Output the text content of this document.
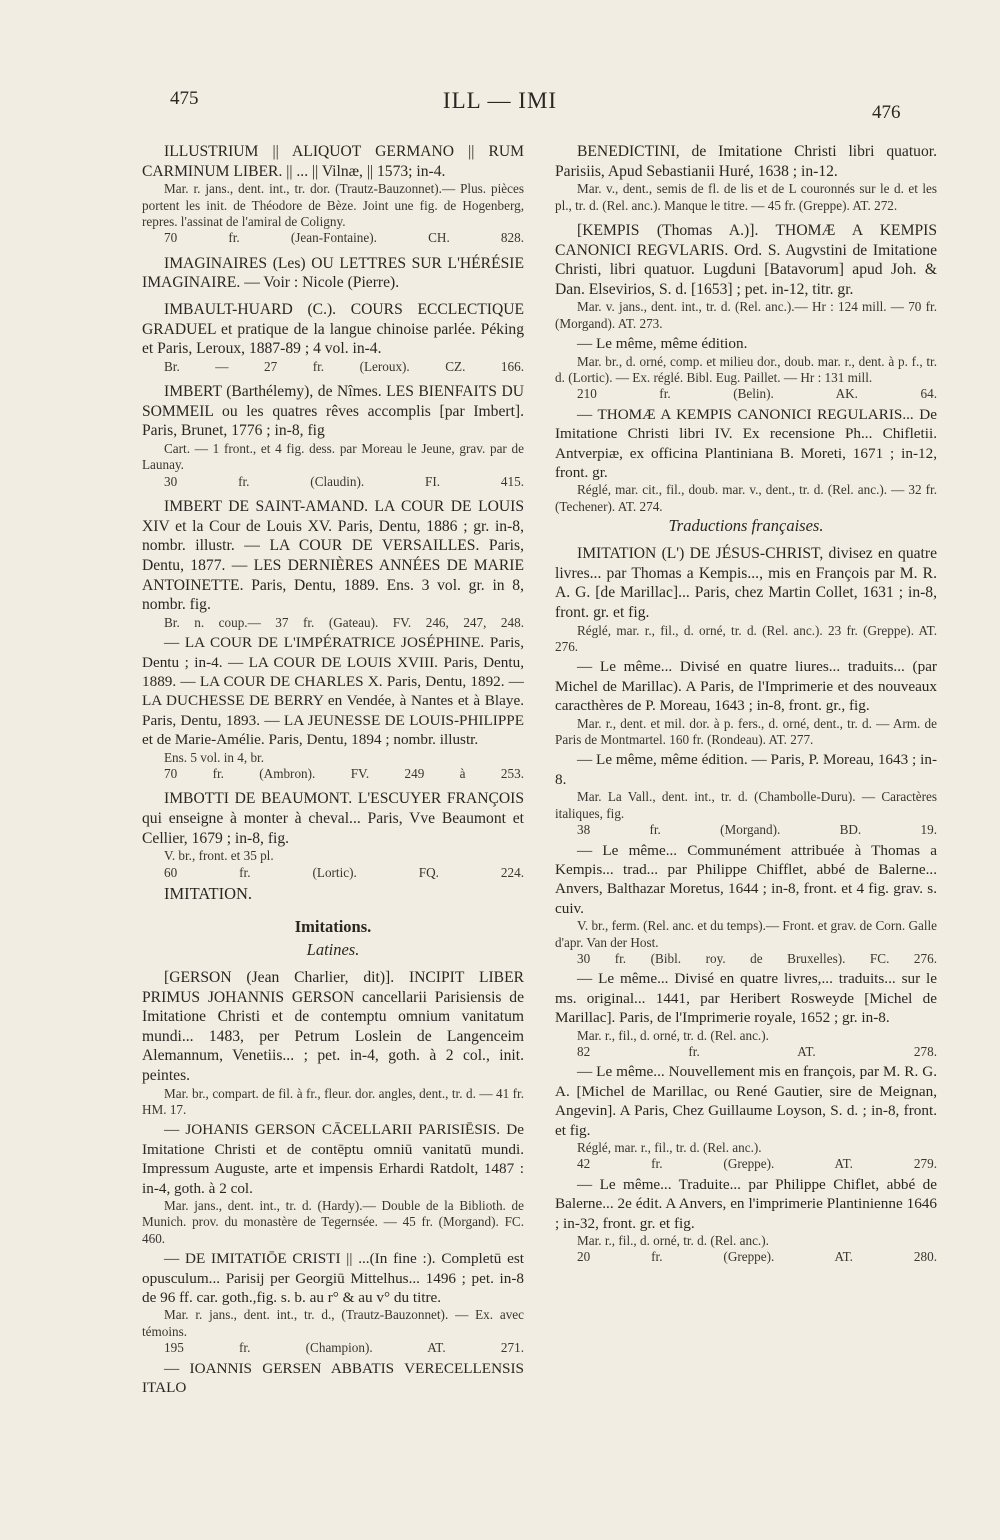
475	ILL — IMI	476

ILLUSTRIUM || ALIQUOT GERMANO || RUM CARMINUM LIBER. || ... || Vilnæ, || 1573; in-4.

Mar. r. jans., dent. int., tr. dor. (Trautz-Bauzonnet).— Plus. pièces portent les init. de Théodore de Bèze. Joint une fig. de Hogenberg, repres. l'assinat de l'amiral de Coligny.

70 fr. (Jean-Fontaine). CH. 828.

IMAGINAIRES (Les) OU LETTRES SUR L'HÉRÉSIE IMAGINAIRE. — Voir : Nicole (Pierre).

IMBAULT-HUARD (C.). COURS ECCLECTIQUE GRADUEL et pratique de la langue chinoise parlée. Péking et Paris, Leroux, 1887-89 ; 4 vol. in-4.

Br. — 27 fr. (Leroux). CZ. 166.

IMBERT (Barthélemy), de Nîmes. LES BIENFAITS DU SOMMEIL ou les quatres rêves accomplis [par Imbert]. Paris, Brunet, 1776 ; in-8, fig

Cart. — 1 front., et 4 fig. dess. par Moreau le Jeune, grav. par de Launay.

30 fr. (Claudin). FI. 415.

IMBERT DE SAINT-AMAND. LA COUR DE LOUIS XIV et la Cour de Louis XV. Paris, Dentu, 1886 ; gr. in-8, nombr. illustr. — LA COUR DE VERSAILLES. Paris, Dentu, 1877. — LES DERNIÈRES ANNÉES DE MARIE ANTOINETTE. Paris, Dentu, 1889. Ens. 3 vol. gr. in 8, nombr. fig.

Br. n. coup.— 37 fr. (Gateau). FV. 246, 247, 248.

— LA COUR DE L'IMPÉRATRICE JOSÉPHINE. Paris, Dentu ; in-4. — LA COUR DE LOUIS XVIII. Paris, Dentu, 1889. — LA COUR DE CHARLES X. Paris, Dentu, 1892. — LA DUCHESSE DE BERRY en Vendée, à Nantes et à Blaye. Paris, Dentu, 1893. — LA JEUNESSE DE LOUIS-PHILIPPE et de Marie-Amélie. Paris, Dentu, 1894 ; nombr. illustr.

Ens. 5 vol. in 4, br.

70 fr. (Ambron). FV. 249 à 253.

IMBOTTI DE BEAUMONT. L'ESCUYER FRANÇOIS qui enseigne à monter à cheval... Paris, Vve Beaumont et Cellier, 1679 ; in-8, fig.

V. br., front. et 35 pl.

60 fr. (Lortic). FQ. 224.

IMITATION.

Imitations.

Latines.

[GERSON (Jean Charlier, dit)]. INCIPIT LIBER PRIMUS JOHANNIS GERSON cancellarii Parisiensis de Imitatione Christi et de contemptu omnium vanitatum mundi... 1483, per Petrum Loslein de Langenceim Alemannum, Venetiis... ; pet. in-4, goth. à 2 col., init. peintes.

Mar. br., compart. de fil. à fr., fleur. dor. angles, dent., tr. d. — 41 fr. HM. 17.

— JOHANIS GERSON CĀCELLARII PARISIĒSIS. De Imitatione Christi et de contēptu omniū vanitatū mundi. Impressum Auguste, arte et impensis Erhardi Ratdolt, 1487 : in-4, goth. à 2 col.

Mar. jans., dent. int., tr. d. (Hardy).— Double de la Biblioth. de Munich. prov. du monastère de Tegernsée. — 45 fr. (Morgand). FC. 460.

— DE IMITATIŌE CRISTI || ...(In fine :). Completū est opusculum... Parisij per Georgiū Mittelhus... 1496 ; pet. in-8 de 96 ff. car. goth.,fig. s. b. au r° & au v° du titre.

Mar. r. jans., dent. int., tr. d., (Trautz-Bauzonnet). — Ex. avec témoins.

195 fr. (Champion). AT. 271.

— IOANNIS GERSEN ABBATIS VERECELLENSIS ITALO

BENEDICTINI, de Imitatione Christi libri quatuor. Parisiis, Apud Sebastianii Huré, 1638 ; in-12.

Mar. v., dent., semis de fl. de lis et de L couronnés sur le d. et les pl., tr. d. (Rel. anc.). Manque le titre. — 45 fr. (Greppe). AT. 272.

[KEMPIS (Thomas A.)]. THOMÆ A KEMPIS CANONICI REGVLARIS. Ord. S. Augvstini de Imitatione Christi, libri quatuor. Lugduni [Batavorum] apud Joh. & Dan. Elsevirios, S. d. [1653] ; pet. in-12, titr. gr.

Mar. v. jans., dent. int., tr. d. (Rel. anc.).— Hr : 124 mill. — 70 fr. (Morgand). AT. 273.

— Le même, même édition.

Mar. br., d. orné, comp. et milieu dor., doub. mar. r., dent. à p. f., tr. d. (Lortic). — Ex. réglé. Bibl. Eug. Paillet. — Hr : 131 mill.

210 fr. (Belin). AK. 64.

— THOMÆ A KEMPIS CANONICI REGULARIS... De Imitatione Christi libri IV. Ex recensione Ph... Chifletii. Antverpiæ, ex officina Plantiniana B. Moreti, 1671 ; in-12, front. gr.

Réglé, mar. cit., fil., doub. mar. v., dent., tr. d. (Rel. anc.). — 32 fr. (Techener). AT. 274.

Traductions françaises.

IMITATION (L') DE JÉSUS-CHRIST, divisez en quatre livres... par Thomas a Kempis..., mis en François par M. R. A. G. [de Marillac]... Paris, chez Martin Collet, 1631 ; in-8, front. gr. et fig.

Réglé, mar. r., fil., d. orné, tr. d. (Rel. anc.). 23 fr. (Greppe). AT. 276.

— Le même... Divisé en quatre liures... traduits... (par Michel de Marillac). A Paris, de l'Imprimerie et des nouveaux caracthères de P. Moreau, 1643 ; in-8, front. gr., fig.

Mar. r., dent. et mil. dor. à p. fers., d. orné, dent., tr. d. — Arm. de Paris de Montmartel. 160 fr. (Rondeau). AT. 277.

— Le même, même édition. — Paris, P. Moreau, 1643 ; in-8.

Mar. La Vall., dent. int., tr. d. (Chambolle-Duru). — Caractères italiques, fig.

38 fr. (Morgand). BD. 19.

— Le même... Communément attribuée à Thomas a Kempis... trad... par Philippe Chifflet, abbé de Balerne... Anvers, Balthazar Moretus, 1644 ; in-8, front. et 4 fig. grav. s. cuiv.

V. br., ferm. (Rel. anc. et du temps).— Front. et grav. de Corn. Galle d'apr. Van der Host.

30 fr. (Bibl. roy. de Bruxelles). FC. 276.

— Le même... Divisé en quatre livres,... traduits... sur le ms. original... 1441, par Heribert Rosweyde [Michel de Marillac]. Paris, de l'Imprimerie royale, 1652 ; gr. in-8.

Mar. r., fil., d. orné, tr. d. (Rel. anc.).

82 fr. AT. 278.

— Le même... Nouvellement mis en françois, par M. R. G. A. [Michel de Marillac, ou René Gautier, sire de Meignan, Angevin]. A Paris, Chez Guillaume Loyson, S. d. ; in-8, front. et fig.

Réglé, mar. r., fil., tr. d. (Rel. anc.).

42 fr. (Greppe). AT. 279.

— Le même... Traduite... par Philippe Chiflet, abbé de Balerne... 2e édit. A Anvers, en l'imprimerie Plantinienne 1646 ; in-32, front. gr. et fig.

Mar. r., fil., d. orné, tr. d. (Rel. anc.).

20 fr. (Greppe). AT. 280.
